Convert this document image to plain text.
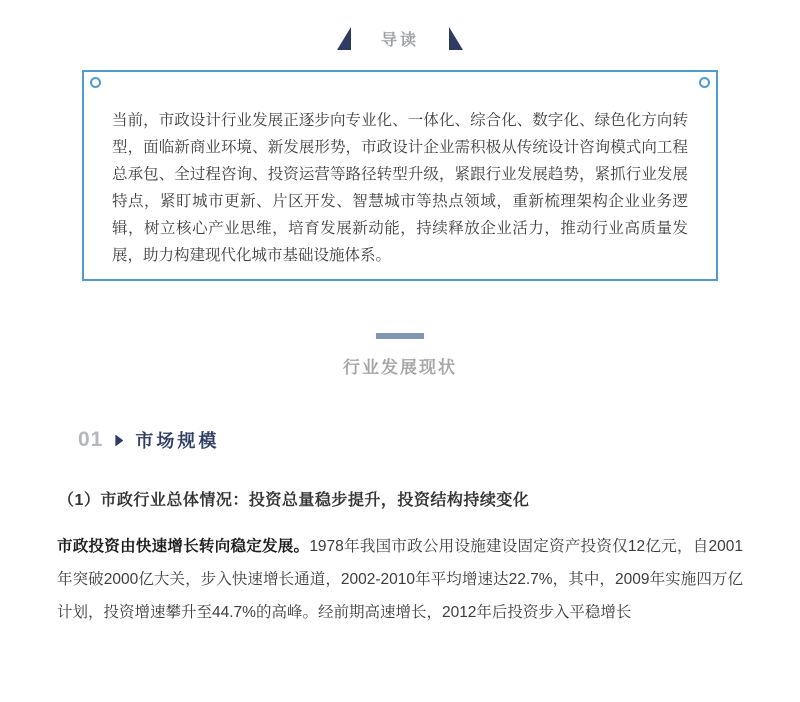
导读

当前，市政设计行业发展正逐步向专业化、一体化、综合化、数字化、绿色化方向转型，面临新商业环境、新发展形势，市政设计企业需积极从传统设计咨询模式向工程总承包、全过程咨询、投资运营等路径转型升级，紧跟行业发展趋势，紧抓行业发展特点，紧盯城市更新、片区开发、智慧城市等热点领域，重新梳理架构企业业务逻辑，树立核心产业思维，培育发展新动能，持续释放企业活力，推动行业高质量发展，助力构建现代化城市基础设施体系。

行业发展现状
01 市场规模
（1）市政行业总体情况：投资总量稳步提升，投资结构持续变化

市政投资由快速增长转向稳定发展。1978年我国市政公用设施建设固定资产投资仅12亿元，自2001年突破2000亿大关，步入快速增长通道，2002-2010年平均增速达22.7%，其中，2009年实施四万亿计划，投资增速攀升至44.7%的高峰。经前期高速增长，2012年后投资步入平稳增长
